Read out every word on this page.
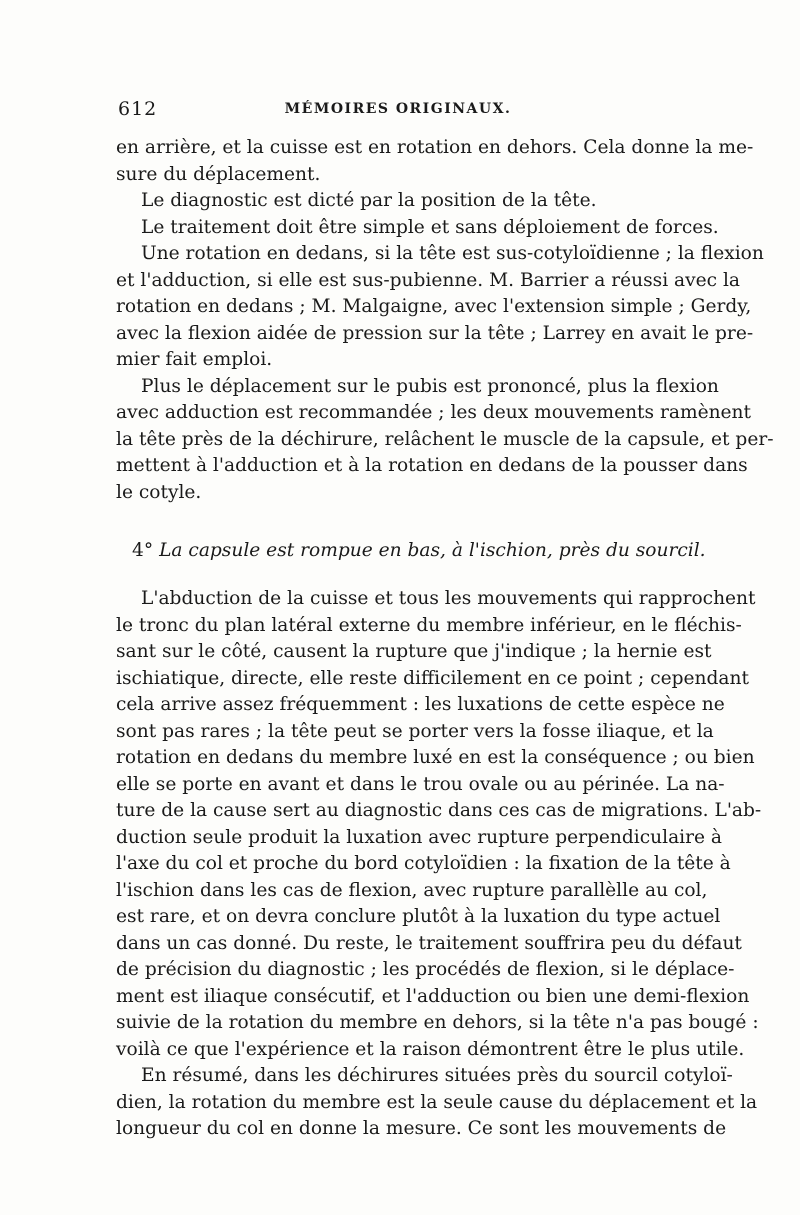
612	MÉMOIRES ORIGINAUX.
en arrière, et la cuisse est en rotation en dehors. Cela donne la me-
sure du déplacement.
Le diagnostic est dicté par la position de la tête.
Le traitement doit être simple et sans déploiement de forces.
Une rotation en dedans, si la tête est sus-cotyloïdienne ; la flexion
et l'adduction, si elle est sus-pubienne. M. Barrier a réussi avec la
rotation en dedans ; M. Malgaigne, avec l'extension simple ; Gerdy,
avec la flexion aidée de pression sur la tête ; Larrey en avait le pre-
mier fait emploi.
Plus le déplacement sur le pubis est prononcé, plus la flexion
avec adduction est recommandée ; les deux mouvements ramènent
la tête près de la déchirure, relâchent le muscle de la capsule, et per-
mettent à l'adduction et à la rotation en dedans de la pousser dans
le cotyle.
4° La capsule est rompue en bas, à l'ischion, près du sourcil.
L'abduction de la cuisse et tous les mouvements qui rapprochent
le tronc du plan latéral externe du membre inférieur, en le fléchis-
sant sur le côté, causent la rupture que j'indique ; la hernie est
ischiatique, directe, elle reste difficilement en ce point ; cependant
cela arrive assez fréquemment : les luxations de cette espèce ne
sont pas rares ; la tête peut se porter vers la fosse iliaque, et la
rotation en dedans du membre luxé en est la conséquence ; ou bien
elle se porte en avant et dans le trou ovale ou au périnée. La na-
ture de la cause sert au diagnostic dans ces cas de migrations. L'ab-
duction seule produit la luxation avec rupture perpendiculaire à
l'axe du col et proche du bord cotyloïdien : la fixation de la tête à
l'ischion dans les cas de flexion, avec rupture parallèlle au col,
est rare, et on devra conclure plutôt à la luxation du type actuel
dans un cas donné. Du reste, le traitement souffrira peu du défaut
de précision du diagnostic ; les procédés de flexion, si le déplace-
ment est iliaque consécutif, et l'adduction ou bien une demi-flexion
suivie de la rotation du membre en dehors, si la tête n'a pas bougé :
voilà ce que l'expérience et la raison démontrent être le plus utile.
En résumé, dans les déchirures situées près du sourcil cotyloï-
dien, la rotation du membre est la seule cause du déplacement et la
longueur du col en donne la mesure. Ce sont les mouvements de
